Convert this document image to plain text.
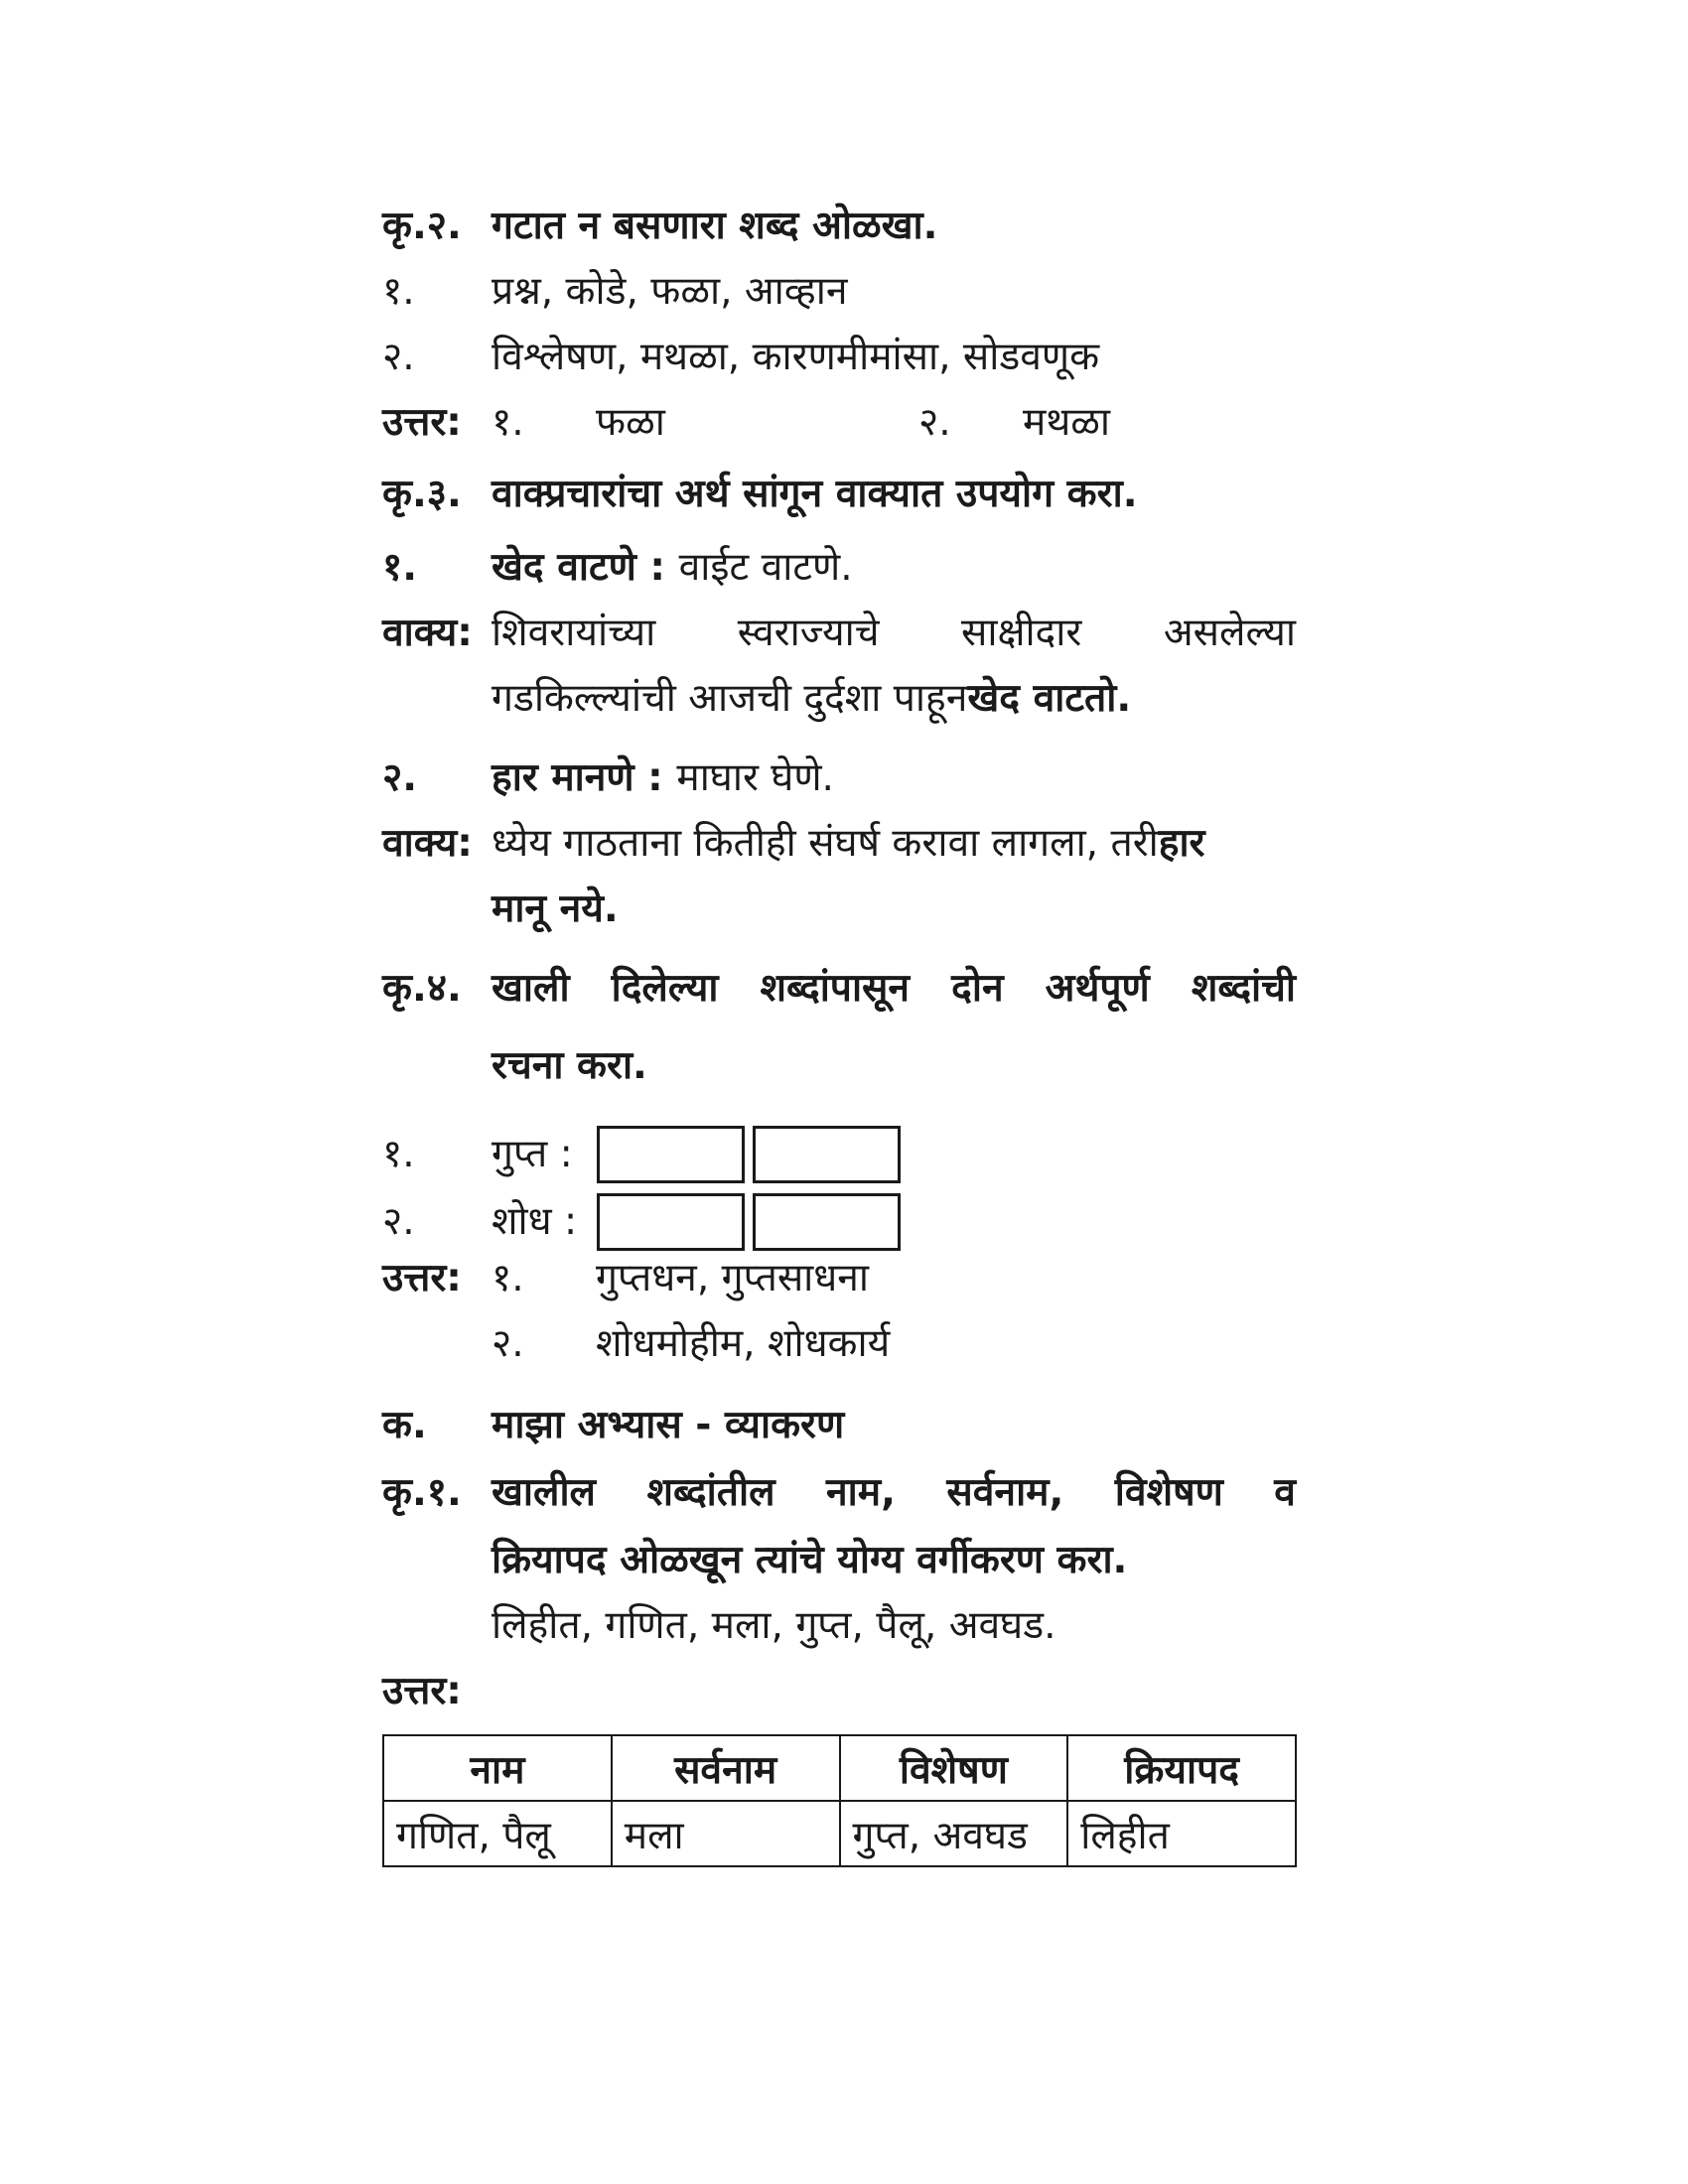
कृ.२. गटात न बसणारा शब्द ओळखा.
१.	प्रश्न, कोडे, फळा, आव्हान
२.	विश्लेषण, मथळा, कारणमीमांसा, सोडवणूक
उत्तर: १.	फळा	२.	मथळा
कृ.३. वाक्प्रचारांचा अर्थ सांगून वाक्यात उपयोग करा.
१.	खेद वाटणे : वाईट वाटणे.
वाक्य: शिवरायांच्या स्वराज्याचे साक्षीदार असलेल्या
गडकिल्ल्यांची आजची दुर्दशा पाहून खेद वाटतो.
२.	हार मानणे : माघार घेणे.
वाक्य: ध्येय गाठताना कितीही संघर्ष करावा लागला, तरी हार
मानू नये.
कृ.४. खाली दिलेल्या शब्दांपासून दोन अर्थपूर्ण शब्दांची
रचना करा.
१.	गुप्त :
२.	शोध :
उत्तर: १.	गुप्तधन, गुप्तसाधना
२.	शोधमोहीम, शोधकार्य
क.	माझा अभ्यास - व्याकरण
कृ.१. खालील शब्दांतील नाम, सर्वनाम, विशेषण व
क्रियापद ओळखून त्यांचे योग्य वर्गीकरण करा.
लिहीत, गणित, मला, गुप्त, पैलू, अवघड.
उत्तर:
नाम	सर्वनाम	विशेषण	क्रियापद
गणित, पैलू	मला	गुप्त, अवघड	लिहीत
